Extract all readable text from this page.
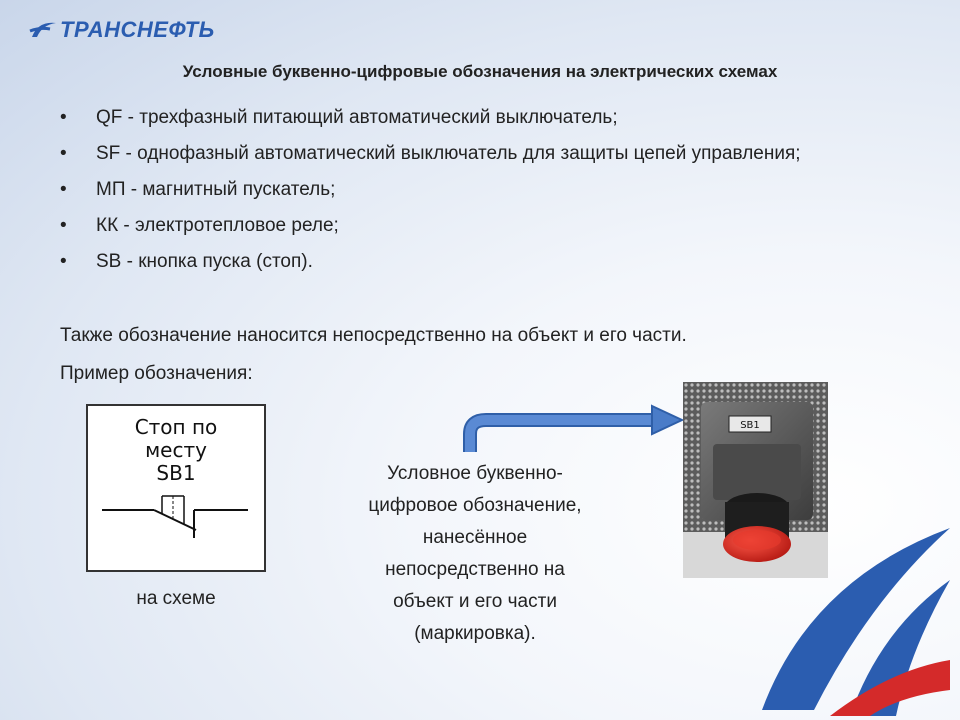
ТРАНСНЕФТЬ
Условные буквенно-цифровые обозначения на электрических схемах
• QF - трехфазный питающий автоматический выключатель;
• SF - однофазный автоматический выключатель для защиты цепей управления;
• МП - магнитный пускатель;
• КК - электротепловое реле;
• SB - кнопка пуска (стоп).
Также обозначение наносится непосредственно на объект и его части.
Пример обозначения:
Стоп по
месту
SB1
на схеме
Условное буквенно-
цифровое обозначение,
нанесённое
непосредственно на
объект и его части
(маркировка).
SB1
